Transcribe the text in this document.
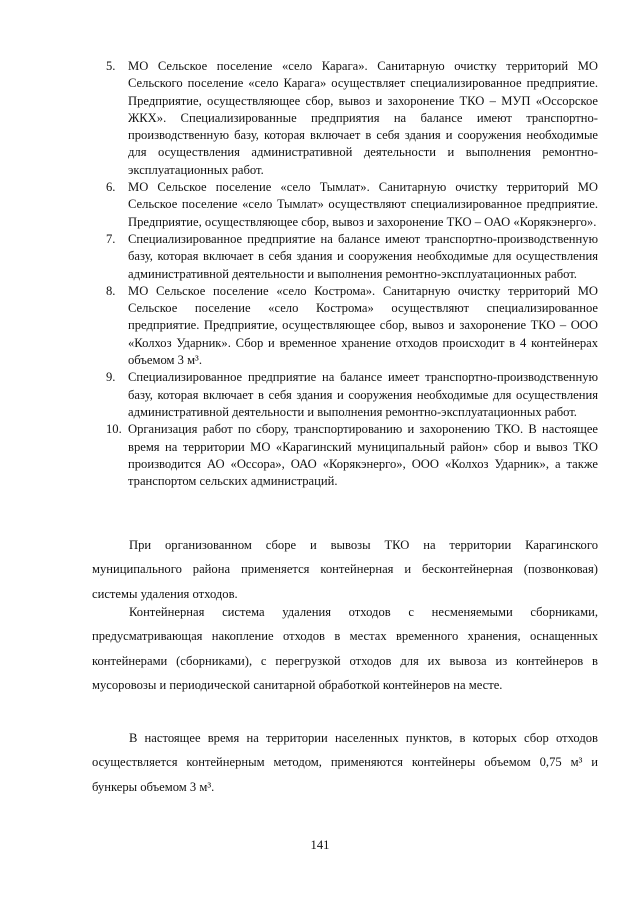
5. МО Сельское поселение «село Карага». Санитарную очистку территорий МО Сельского поселение «село Карага» осуществляет специализированное предприятие. Предприятие, осуществляющее сбор, вывоз и захоронение ТКО – МУП «Оссорское ЖКХ». Специализированные предприятия на балансе имеют транспортно-производственную базу, которая включает в себя здания и сооружения необходимые для осуществления административной деятельности и выполнения ремонтно-эксплуатационных работ.
6. МО Сельское поселение «село Тымлат». Санитарную очистку территорий МО Сельское поселение «село Тымлат» осуществляют специализированное предприятие. Предприятие, осуществляющее сбор, вывоз и захоронение ТКО – ОАО «Корякэнерго».
7. Специализированное предприятие на балансе имеют транспортно-производственную базу, которая включает в себя здания и сооружения необходимые для осуществления административной деятельности и выполнения ремонтно-эксплуатационных работ.
8. МО Сельское поселение «село Кострома». Санитарную очистку территорий МО Сельское поселение «село Кострома» осуществляют специализированное предприятие. Предприятие, осуществляющее сбор, вывоз и захоронение ТКО – ООО «Колхоз Ударник». Сбор и временное хранение отходов происходит в 4 контейнерах объемом 3 м³.
9. Специализированное предприятие на балансе имеет транспортно-производственную базу, которая включает в себя здания и сооружения необходимые для осуществления административной деятельности и выполнения ремонтно-эксплуатационных работ.
10. Организация работ по сбору, транспортированию и захоронению ТКО. В настоящее время на территории МО «Карагинский муниципальный район» сбор и вывоз ТКО производится АО «Оссора», ОАО «Корякэнерго», ООО «Колхоз Ударник», а также транспортом сельских администраций.

При организованном сборе и вывозы ТКО на территории Карагинского муниципального района применяется контейнерная и бесконтейнерная (позвонковая) системы удаления отходов.

Контейнерная система удаления отходов с несменяемыми сборниками, предусматривающая накопление отходов в местах временного хранения, оснащенных контейнерами (сборниками), с перегрузкой отходов для их вывоза из контейнеров в мусоровозы и периодической санитарной обработкой контейнеров на месте.

В настоящее время на территории населенных пунктов, в которых сбор отходов осуществляется контейнерным методом, применяются контейнеры объемом 0,75 м³ и бункеры объемом 3 м³.

141
